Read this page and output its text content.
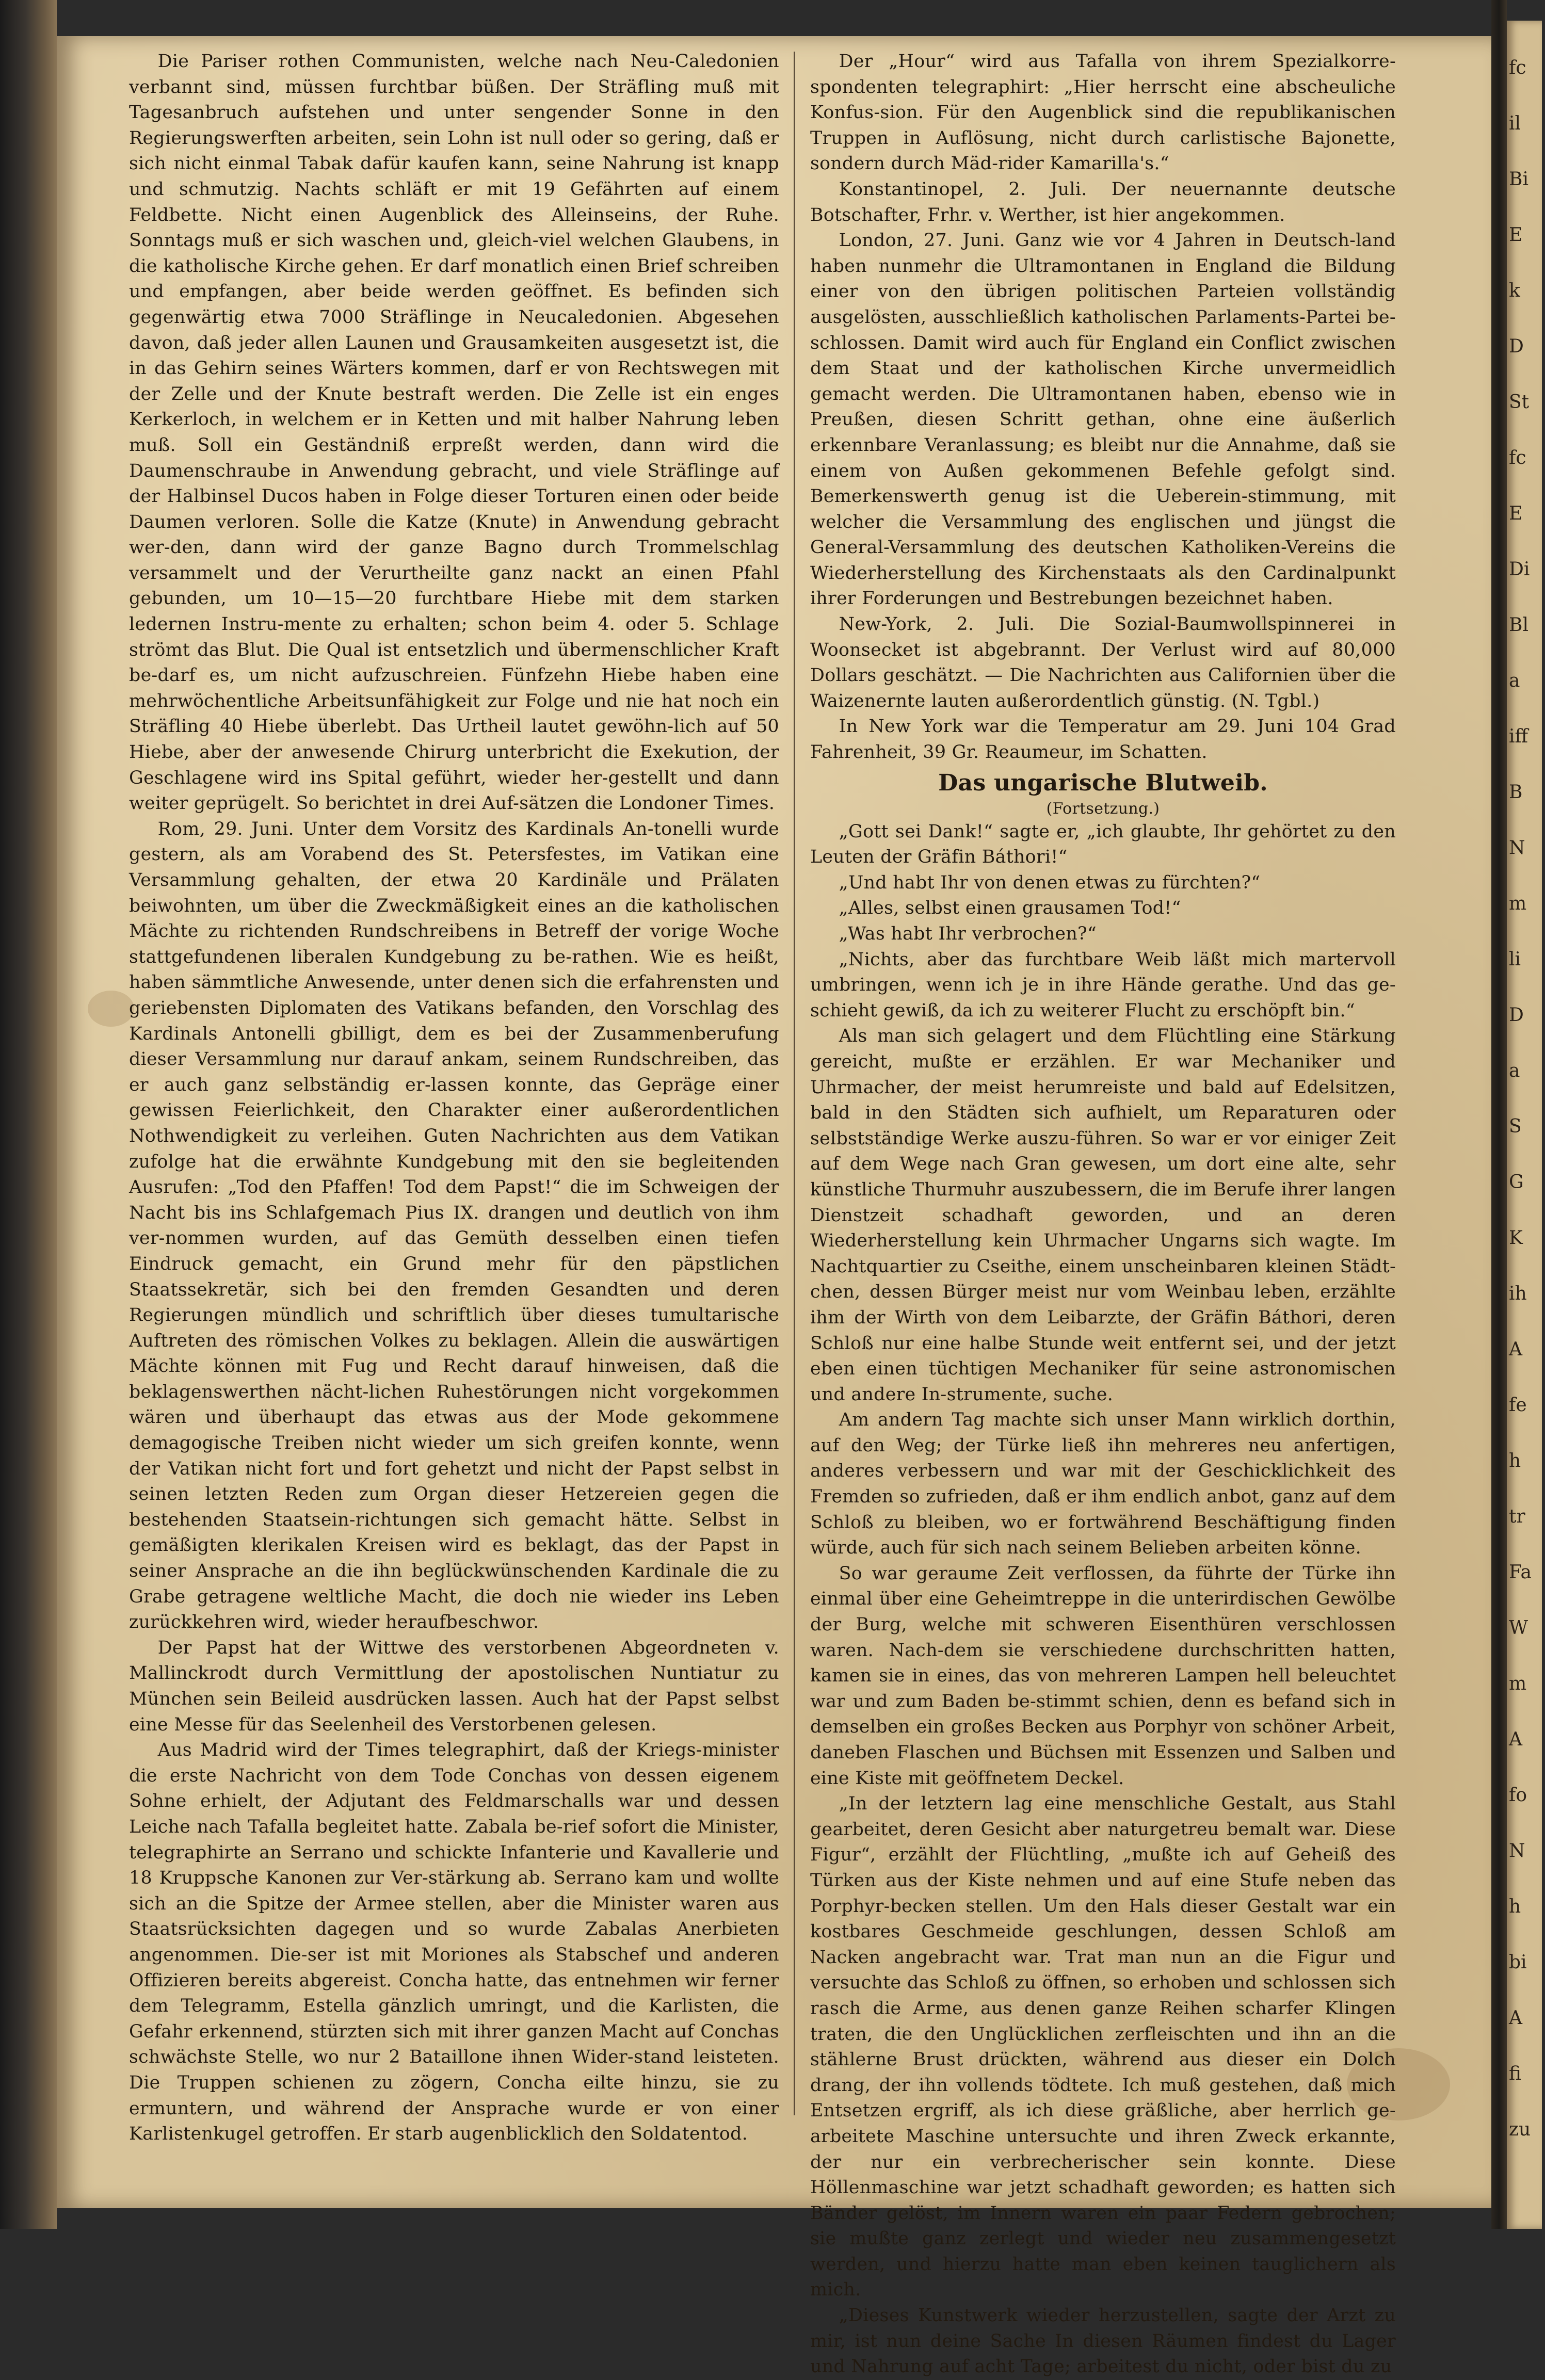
Die Pariser rothen Communisten, welche nach Neu-Caledonien verbannt sind, müssen furchtbar büßen. Der Sträfling muß mit Tagesanbruch aufstehen und unter sengender Sonne in den Regierungswerften arbeiten, sein Lohn ist null oder so gering, daß er sich nicht einmal Tabak dafür kaufen kann, seine Nahrung ist knapp und schmutzig. Nachts schläft er mit 19 Gefährten auf einem Feldbette. Nicht einen Augenblick des Alleinseins, der Ruhe. Sonntags muß er sich waschen und, gleich-viel welchen Glaubens, in die katholische Kirche gehen. Er darf monatlich einen Brief schreiben und empfangen, aber beide werden geöffnet. Es befinden sich gegenwärtig etwa 7000 Sträflinge in Neucaledonien. Abgesehen davon, daß jeder allen Launen und Grausamkeiten ausgesetzt ist, die in das Gehirn seines Wärters kommen, darf er von Rechtswegen mit der Zelle und der Knute bestraft werden. Die Zelle ist ein enges Kerkerloch, in welchem er in Ketten und mit halber Nahrung leben muß. Soll ein Geständniß erpreßt werden, dann wird die Daumenschraube in Anwendung gebracht, und viele Sträflinge auf der Halbinsel Ducos haben in Folge dieser Torturen einen oder beide Daumen verloren. Solle die Katze (Knute) in Anwendung gebracht wer-den, dann wird der ganze Bagno durch Trommelschlag versammelt und der Verurtheilte ganz nackt an einen Pfahl gebunden, um 10—15—20 furchtbare Hiebe mit dem starken ledernen Instru-mente zu erhalten; schon beim 4. oder 5. Schlage strömt das Blut. Die Qual ist entsetzlich und übermenschlicher Kraft be-darf es, um nicht aufzuschreien. Fünfzehn Hiebe haben eine mehrwöchentliche Arbeitsunfähigkeit zur Folge und nie hat noch ein Sträfling 40 Hiebe überlebt. Das Urtheil lautet gewöhn-lich auf 50 Hiebe, aber der anwesende Chirurg unterbricht die Exekution, der Geschlagene wird ins Spital geführt, wieder her-gestellt und dann weiter geprügelt. So berichtet in drei Auf-sätzen die Londoner Times.

Rom, 29. Juni. Unter dem Vorsitz des Kardinals An-tonelli wurde gestern, als am Vorabend des St. Petersfestes, im Vatikan eine Versammlung gehalten, der etwa 20 Kardinäle und Prälaten beiwohnten, um über die Zweckmäßigkeit eines an die katholischen Mächte zu richtenden Rundschreibens in Betreff der vorige Woche stattgefundenen liberalen Kundgebung zu be-rathen. Wie es heißt, haben sämmtliche Anwesende, unter denen sich die erfahrensten und geriebensten Diplomaten des Vatikans befanden, den Vorschlag des Kardinals Antonelli gbilligt, dem es bei der Zusammenberufung dieser Versammlung nur darauf ankam, seinem Rundschreiben, das er auch ganz selbständig er-lassen konnte, das Gepräge einer gewissen Feierlichkeit, den Charakter einer außerordentlichen Nothwendigkeit zu verleihen. Guten Nachrichten aus dem Vatikan zufolge hat die erwähnte Kundgebung mit den sie begleitenden Ausrufen: „Tod den Pfaffen! Tod dem Papst!“ die im Schweigen der Nacht bis ins Schlafgemach Pius IX. drangen und deutlich von ihm ver-nommen wurden, auf das Gemüth desselben einen tiefen Eindruck gemacht, ein Grund mehr für den päpstlichen Staatssekretär, sich bei den fremden Gesandten und deren Regierungen mündlich und schriftlich über dieses tumultarische Auftreten des römischen Volkes zu beklagen. Allein die auswärtigen Mächte können mit Fug und Recht darauf hinweisen, daß die beklagenswerthen nächt-lichen Ruhestörungen nicht vorgekommen wären und überhaupt das etwas aus der Mode gekommene demagogische Treiben nicht wieder um sich greifen konnte, wenn der Vatikan nicht fort und fort gehetzt und nicht der Papst selbst in seinen letzten Reden zum Organ dieser Hetzereien gegen die bestehenden Staatsein-richtungen sich gemacht hätte. Selbst in gemäßigten klerikalen Kreisen wird es beklagt, das der Papst in seiner Ansprache an die ihn beglückwünschenden Kardinale die zu Grabe getragene weltliche Macht, die doch nie wieder ins Leben zurückkehren wird, wieder heraufbeschwor.

Der Papst hat der Wittwe des verstorbenen Abgeordneten v. Mallinckrodt durch Vermittlung der apostolischen Nuntiatur zu München sein Beileid ausdrücken lassen. Auch hat der Papst selbst eine Messe für das Seelenheil des Verstorbenen gelesen.

Aus Madrid wird der Times telegraphirt, daß der Kriegs-minister die erste Nachricht von dem Tode Conchas von dessen eigenem Sohne erhielt, der Adjutant des Feldmarschalls war und dessen Leiche nach Tafalla begleitet hatte. Zabala be-rief sofort die Minister, telegraphirte an Serrano und schickte Infanterie und Kavallerie und 18 Kruppsche Kanonen zur Ver-stärkung ab. Serrano kam und wollte sich an die Spitze der Armee stellen, aber die Minister waren aus Staatsrücksichten dagegen und so wurde Zabalas Anerbieten angenommen. Die-ser ist mit Moriones als Stabschef und anderen Offizieren bereits abgereist. Concha hatte, das entnehmen wir ferner dem Telegramm, Estella gänzlich umringt, und die Karlisten, die Gefahr erkennend, stürzten sich mit ihrer ganzen Macht auf Conchas schwächste Stelle, wo nur 2 Bataillone ihnen Wider-stand leisteten. Die Truppen schienen zu zögern, Concha eilte hinzu, sie zu ermuntern, und während der Ansprache wurde er von einer Karlistenkugel getroffen. Er starb augenblicklich den Soldatentod.

Der „Hour“ wird aus Tafalla von ihrem Spezialkorre-spondenten telegraphirt: „Hier herrscht eine abscheuliche Konfus-sion. Für den Augenblick sind die republikanischen Truppen in Auflösung, nicht durch carlistische Bajonette, sondern durch Mäd-rider Kamarilla's.“

Konstantinopel, 2. Juli. Der neuernannte deutsche Botschafter, Frhr. v. Werther, ist hier angekommen.

London, 27. Juni. Ganz wie vor 4 Jahren in Deutsch-land haben nunmehr die Ultramontanen in England die Bildung einer von den übrigen politischen Parteien vollständig ausgelösten, ausschließlich katholischen Parlaments-Partei be-schlossen. Damit wird auch für England ein Conflict zwischen dem Staat und der katholischen Kirche unvermeidlich gemacht werden. Die Ultramontanen haben, ebenso wie in Preußen, diesen Schritt gethan, ohne eine äußerlich erkennbare Veranlassung; es bleibt nur die Annahme, daß sie einem von Außen gekommenen Befehle gefolgt sind. Bemerkenswerth genug ist die Ueberein-stimmung, mit welcher die Versammlung des englischen und jüngst die General-Versammlung des deutschen Katholiken-Vereins die Wiederherstellung des Kirchenstaats als den Cardinalpunkt ihrer Forderungen und Bestrebungen bezeichnet haben.

New-York, 2. Juli. Die Sozial-Baumwollspinnerei in Woonsecket ist abgebrannt. Der Verlust wird auf 80,000 Dollars geschätzt. — Die Nachrichten aus Californien über die Waizenernte lauten außerordentlich günstig. (N. Tgbl.)

In New York war die Temperatur am 29. Juni 104 Grad Fahrenheit, 39 Gr. Reaumeur, im Schatten.

Das ungarische Blutweib.
(Fortsetzung.)

„Gott sei Dank!“ sagte er, „ich glaubte, Ihr gehörtet zu den Leuten der Gräfin Báthori!“

„Und habt Ihr von denen etwas zu fürchten?“

„Alles, selbst einen grausamen Tod!“

„Was habt Ihr verbrochen?“

„Nichts, aber das furchtbare Weib läßt mich martervoll umbringen, wenn ich je in ihre Hände gerathe. Und das ge-schieht gewiß, da ich zu weiterer Flucht zu erschöpft bin.“

Als man sich gelagert und dem Flüchtling eine Stärkung gereicht, mußte er erzählen. Er war Mechaniker und Uhrmacher, der meist herumreiste und bald auf Edelsitzen, bald in den Städten sich aufhielt, um Reparaturen oder selbstständige Werke auszu-führen. So war er vor einiger Zeit auf dem Wege nach Gran gewesen, um dort eine alte, sehr künstliche Thurmuhr auszubessern, die im Berufe ihrer langen Dienstzeit schadhaft geworden, und an deren Wiederherstellung kein Uhrmacher Ungarns sich wagte. Im Nachtquartier zu Cseithe, einem unscheinbaren kleinen Städt-chen, dessen Bürger meist nur vom Weinbau leben, erzählte ihm der Wirth von dem Leibarzte, der Gräfin Báthori, deren Schloß nur eine halbe Stunde weit entfernt sei, und der jetzt eben einen tüchtigen Mechaniker für seine astronomischen und andere In-strumente, suche.

Am andern Tag machte sich unser Mann wirklich dorthin, auf den Weg; der Türke ließ ihn mehreres neu anfertigen, anderes verbessern und war mit der Geschicklichkeit des Fremden so zufrieden, daß er ihm endlich anbot, ganz auf dem Schloß zu bleiben, wo er fortwährend Beschäftigung finden würde, auch für sich nach seinem Belieben arbeiten könne.

So war geraume Zeit verflossen, da führte der Türke ihn einmal über eine Geheimtreppe in die unterirdischen Gewölbe der Burg, welche mit schweren Eisenthüren verschlossen waren. Nach-dem sie verschiedene durchschritten hatten, kamen sie in eines, das von mehreren Lampen hell beleuchtet war und zum Baden be-stimmt schien, denn es befand sich in demselben ein großes Becken aus Porphyr von schöner Arbeit, daneben Flaschen und Büchsen mit Essenzen und Salben und eine Kiste mit geöffnetem Deckel.

„In der letztern lag eine menschliche Gestalt, aus Stahl gearbeitet, deren Gesicht aber naturgetreu bemalt war. Diese Figur“, erzählt der Flüchtling, „mußte ich auf Geheiß des Türken aus der Kiste nehmen und auf eine Stufe neben das Porphyr-becken stellen. Um den Hals dieser Gestalt war ein kostbares Geschmeide geschlungen, dessen Schloß am Nacken angebracht war. Trat man nun an die Figur und versuchte das Schloß zu öffnen, so erhoben und schlossen sich rasch die Arme, aus denen ganze Reihen scharfer Klingen traten, die den Unglücklichen zerfleischten und ihn an die stählerne Brust drückten, während aus dieser ein Dolch drang, der ihn vollends tödtete. Ich muß gestehen, daß mich Entsetzen ergriff, als ich diese gräßliche, aber herrlich ge-arbeitete Maschine untersuchte und ihren Zweck erkannte, der nur ein verbrecherischer sein konnte. Diese Höllenmaschine war jetzt schadhaft geworden; es hatten sich Bänder gelöst, im Innern waren ein paar Federn gebrochen; sie mußte ganz zerlegt und wieder neu zusammengesetzt werden, und hierzu hatte man eben keinen tauglichern als mich.

„Dieses Kunstwerk wieder herzustellen, sagte der Arzt zu mir, ist nun deine Sache In diesen Räumen findest du Lager und Nahrung auf acht Tage; arbeitest du nicht, oder bist du zu

fc
il
Bi
E
k
D
St
fc
E
Di
Bl
a
iff
B
N
m
li
D
a
S
G
K
ih
A
fe
h
tr
Fa
W
m
A
fo
N
h
bi
A
fi
zu
